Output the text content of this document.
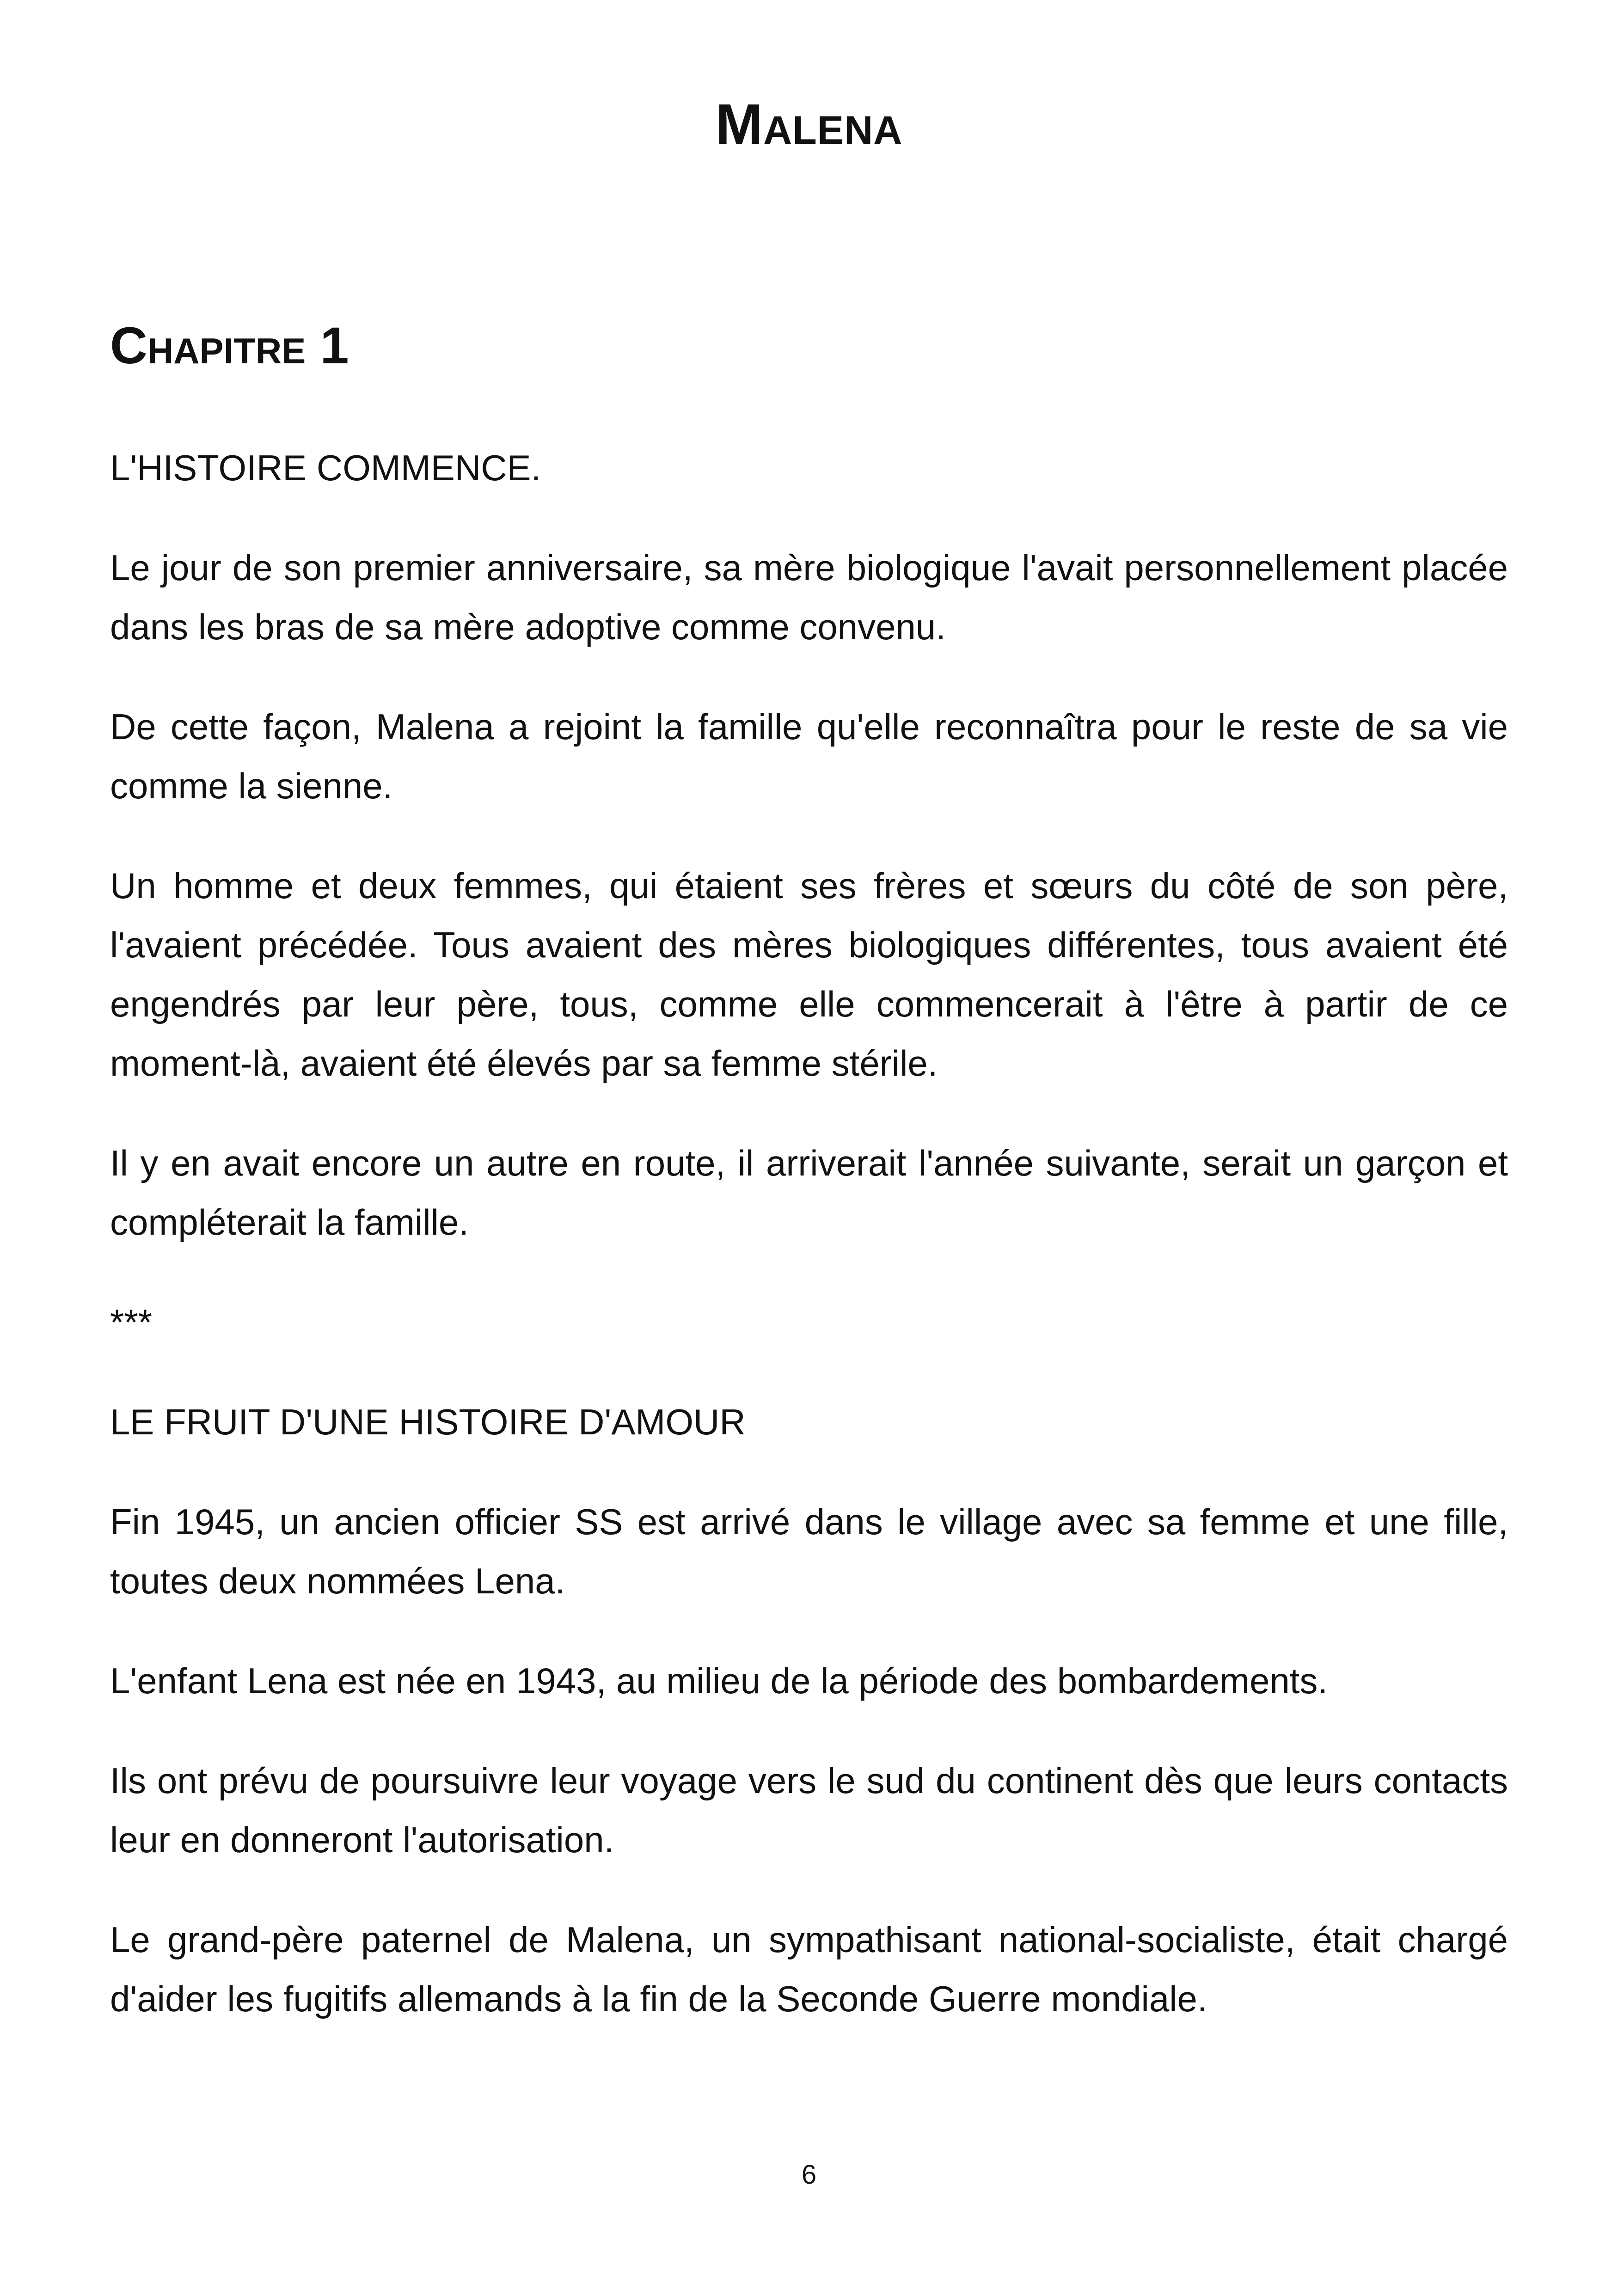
Malena
Chapitre 1

L'HISTOIRE COMMENCE.

Le jour de son premier anniversaire, sa mère biologique l'avait personnellement placée dans les bras de sa mère adoptive comme convenu.

De cette façon, Malena a rejoint la famille qu'elle reconnaîtra pour le reste de sa vie comme la sienne.

Un homme et deux femmes, qui étaient ses frères et sœurs du côté de son père, l'avaient précédée. Tous avaient des mères biologiques différentes, tous avaient été engendrés par leur père, tous, comme elle commencerait à l'être à partir de ce moment-là, avaient été élevés par sa femme stérile.

Il y en avait encore un autre en route, il arriverait l'année suivante, serait un garçon et compléterait la famille.

***

LE FRUIT D'UNE HISTOIRE D'AMOUR

Fin 1945, un ancien officier SS est arrivé dans le village avec sa femme et une fille, toutes deux nommées Lena.

L'enfant Lena est née en 1943, au milieu de la période des bombardements.

Ils ont prévu de poursuivre leur voyage vers le sud du continent dès que leurs contacts leur en donneront l'autorisation.

Le grand-père paternel de Malena, un sympathisant national-socialiste, était chargé d'aider les fugitifs allemands à la fin de la Seconde Guerre mondiale.

6
